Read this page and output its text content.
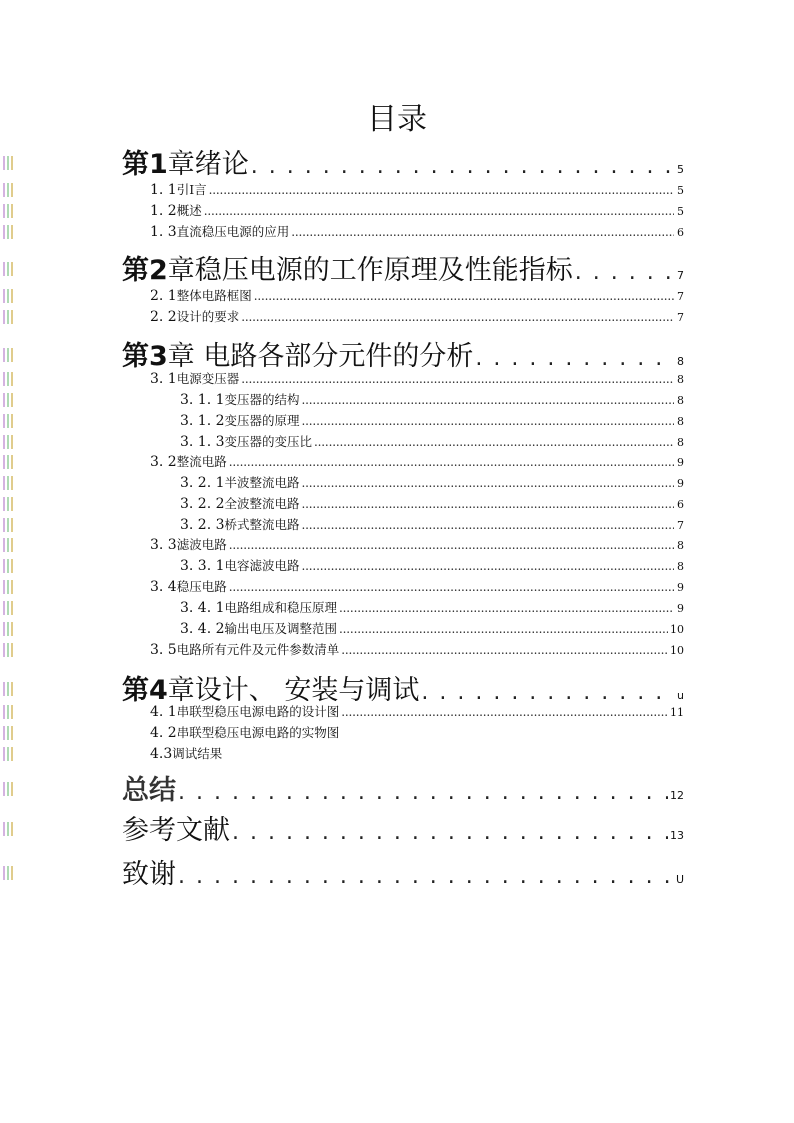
目录
第1章绪论 . . .	5
1. 1引I言 . . .	5
1. 2概述 . . .	5
1. 3直流稳压电源的应用 . . .	6
第2章稳压电源的工作原理及性能指标 . . .	7
2. 1整体电路框图 . . .	7
2. 2设计的要求 . . .	7
第3章 电路各部分元件的分析 . . .	8
3. 1电源变压器 . . .	8
3. 1. 1变压器的结构 . . .	8
3. 1. 2变压器的原理 . . .	8
3. 1. 3变压器的变压比 . . .	8
3. 2整流电路 . . .	9
3. 2. 1半波整流电路 . . .	9
3. 2. 2全波整流电路 . . .	6
3. 2. 3桥式整流电路 . . .	7
3. 3滤波电路 . . .	8
3. 3. 1电容滤波电路 . . .	8
3. 4稳压电路 . . .	9
3. 4. 1电路组成和稳压原理 . . .	9
3. 4. 2输出电压及调整范围 . . .	10
3. 5电路所有元件及元件参数清单 . . .	10
第4章设计、 安装与调试 . . .	u
4. 1串联型稳压电源电路的设计图 . . .	11
4. 2串联型稳压电源电路的实物图
4.3调试结果
总结 . . .	12
参考文献 . . .	13
致谢 . . .	U
